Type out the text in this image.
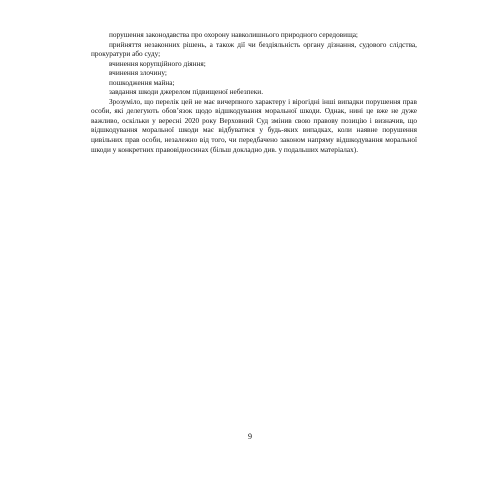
порушення законодавства про охорону навколишнього природного середовища;

прийняття незаконних рішень, а також дії чи бездіяльність органу дізнання, судового слідства, прокуратури або суду;

вчинення корупційного діяння;

вчинення злочину;

пошкодження майна;

завдання шкоди джерелом підвищеної небезпеки.

Зрозуміло, що перелік цей не має вичерпного характеру і вірогідні інші випадки порушення прав особи, які делегують обов’язок щодо відшкодування моральної шкоди. Однак, нині це вже не дуже важливо, оскільки у вересні 2020 року Верховний Суд змінив свою правову позицію і визначив, що відшкодування моральної шкоди має відбуватися у будь-яких випадках, коли наявне порушення цивільних прав особи, незалежно від того, чи передбачено законом напряму відшкодування моральної шкоди у конкретних правовідносинах (більш докладно див. у подальших матеріалах).

9
